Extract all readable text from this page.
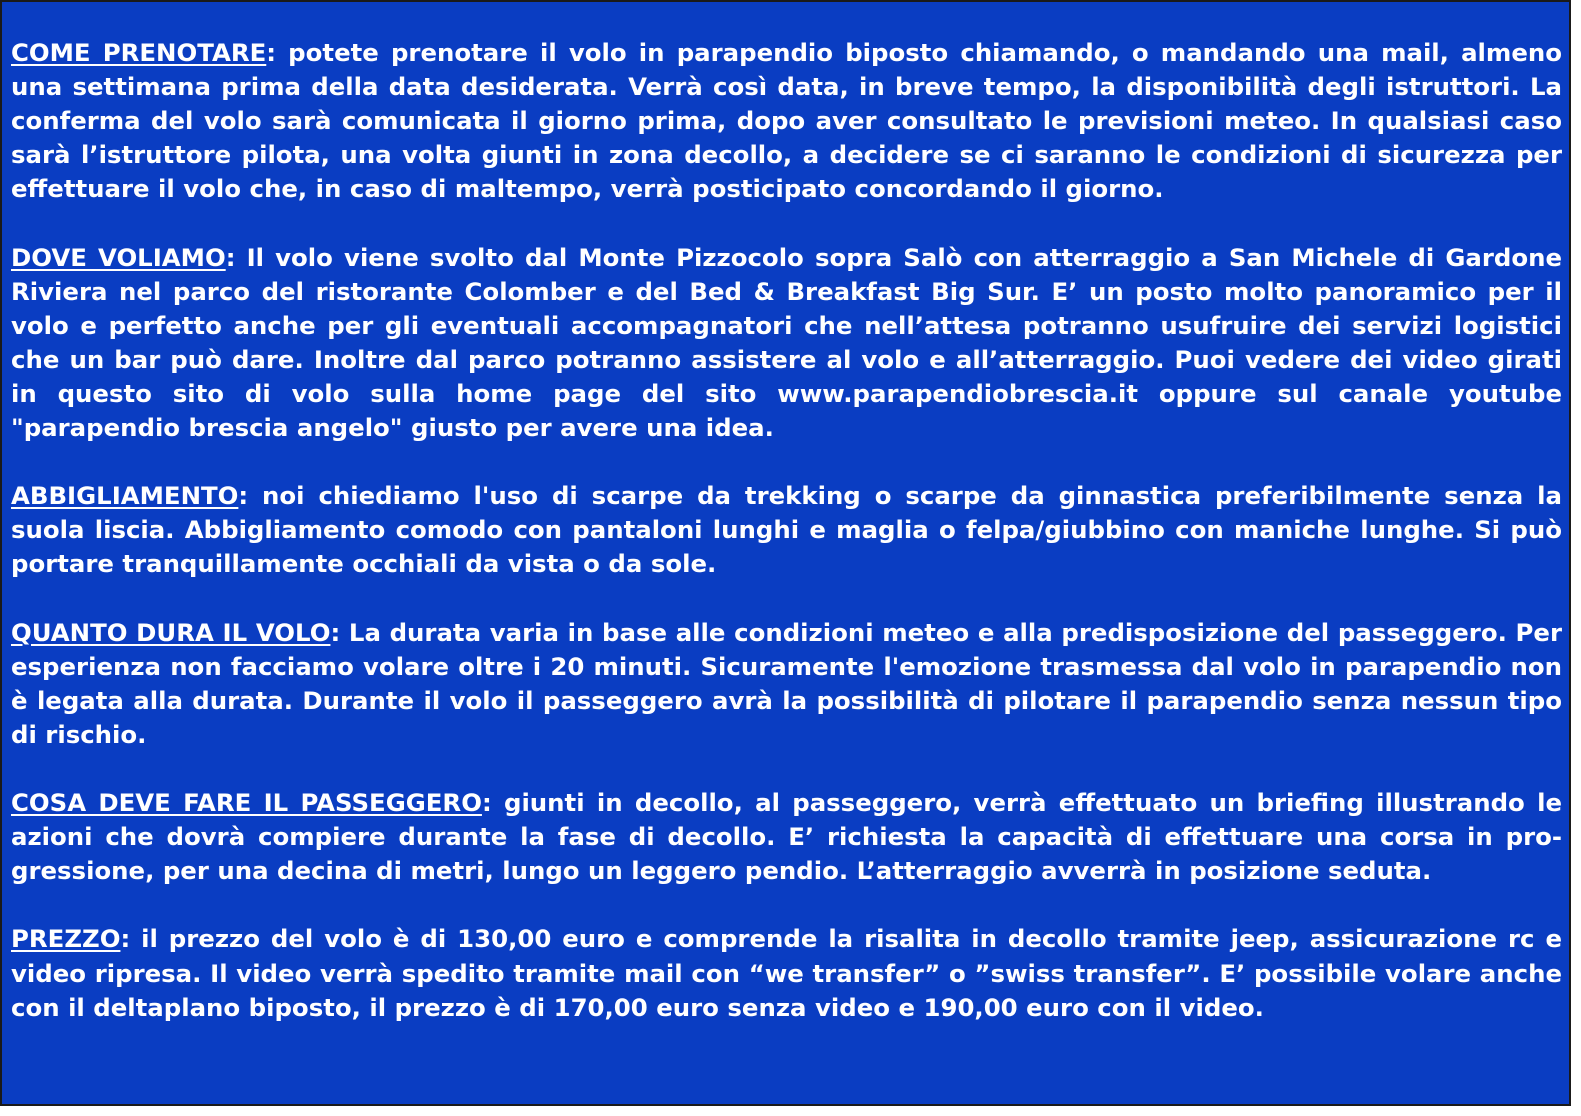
COME PRENOTARE: potete prenotare il volo in parapendio biposto chiamando, o mandando una mail, almeno una settimana prima della data desiderata. Verrà così data, in breve tempo, la disponibilità degli istruttori. La conferma del volo sarà comunicata il giorno prima, dopo aver consultato le previsioni meteo. In qualsiasi caso sarà l’istruttore pilota, una volta giunti in zona decollo, a decidere se ci saranno le condizioni di sicurezza per effettuare il volo che, in caso di maltempo, verrà posticipato concordando il giorno.

DOVE VOLIAMO: Il volo viene svolto dal Monte Pizzocolo sopra Salò con atterraggio a San Michele di Gardone Riviera nel parco del ristorante Colomber e del Bed & Breakfast Big Sur. E’ un posto molto panoramico per il volo e perfetto anche per gli eventuali accompagnatori che nell’attesa potranno usufruire dei servizi logistici che un bar può dare. Inoltre dal parco potranno assistere al volo e all’atterraggio. Puoi vedere dei video girati in questo sito di volo sulla home page del sito www.parapendiobrescia.it oppure sul canale youtube "parapendio brescia angelo" giusto per avere una idea.

ABBIGLIAMENTO: noi chiediamo l'uso di scarpe da trekking o scarpe da ginnastica preferibilmente senza la suola liscia. Abbigliamento comodo con pantaloni lunghi e maglia o felpa/giubbino con maniche lunghe. Si può portare tranquillamente occhiali da vista o da sole.

QUANTO DURA IL VOLO: La durata varia in base alle condizioni meteo e alla predisposizione del passeggero. Per esperienza non facciamo volare oltre i 20 minuti. Sicuramente l'emozione trasmessa dal volo in parapendio non è legata alla durata. Durante il volo il passeggero avrà la possibilità di pilotare il parapendio senza nessun tipo di rischio.

COSA DEVE FARE IL PASSEGGERO: giunti in decollo, al passeggero, verrà effettuato un briefing illustrando le azioni che dovrà compiere durante la fase di decollo. E’ richiesta la capacità di effettuare una corsa in progressione, per una decina di metri, lungo un leggero pendio. L’atterraggio avverrà in posizione seduta.

PREZZO: il prezzo del volo è di 130,00 euro e comprende la risalita in decollo tramite jeep, assicurazione rc e video ripresa. Il video verrà spedito tramite mail con “we transfer” o ”swiss transfer”. E’ possibile volare anche con il deltaplano biposto, il prezzo è di 170,00 euro senza video e 190,00 euro con il video.
